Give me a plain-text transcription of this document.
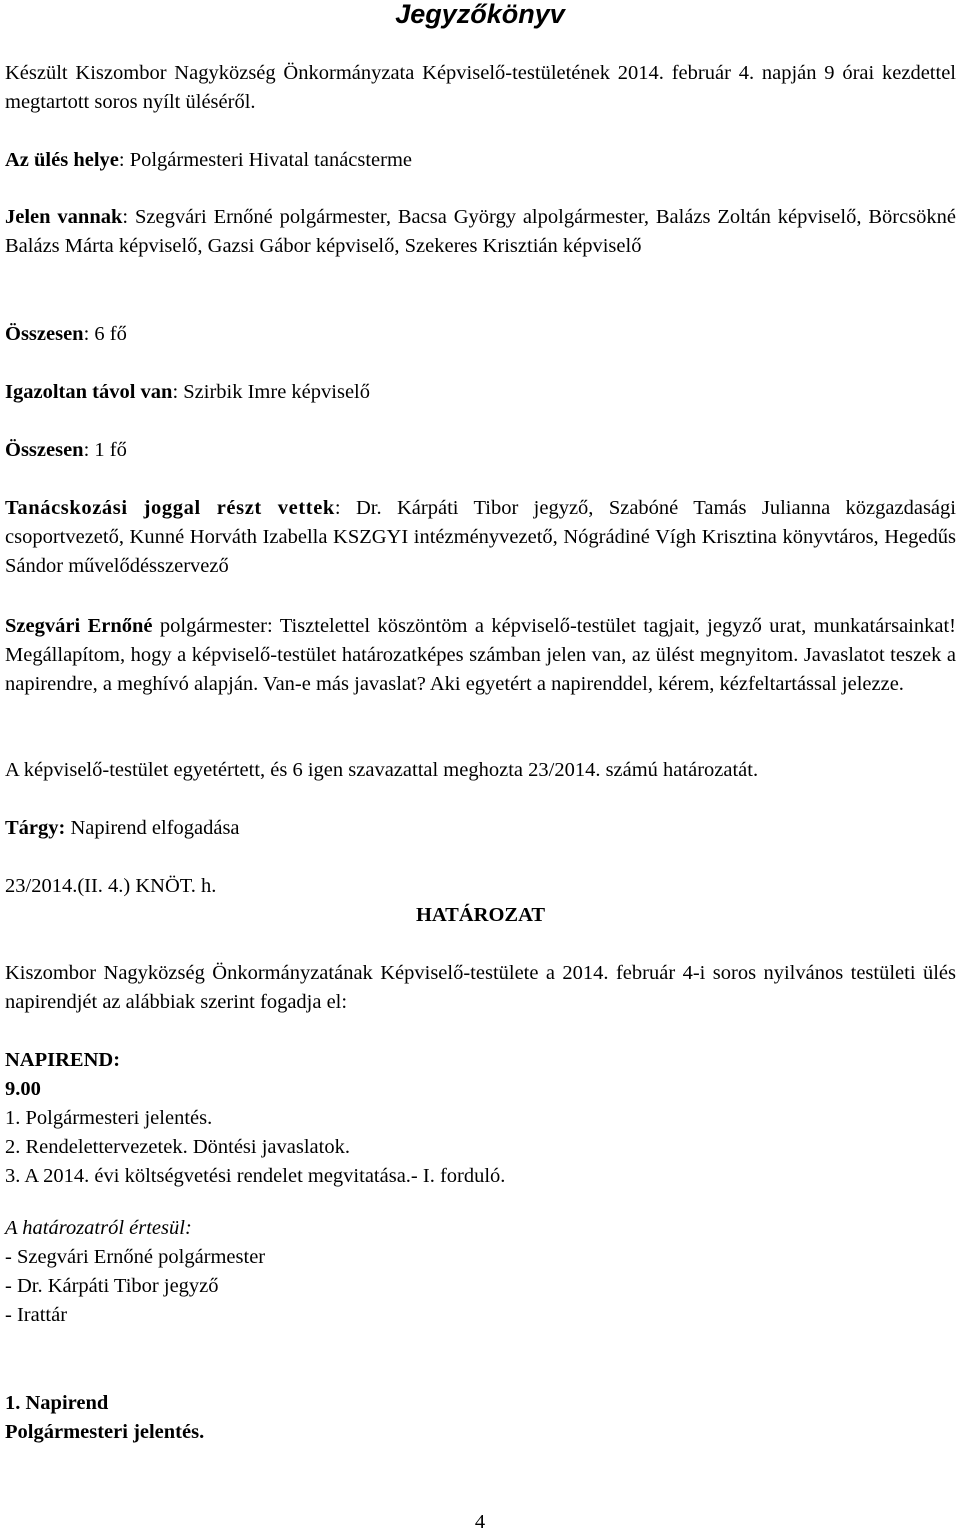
Jegyzőkönyv

Készült Kiszombor Nagyközség Önkormányzata Képviselő-testületének 2014. február 4. napján 9 órai kezdettel megtartott soros nyílt üléséről.

Az ülés helye: Polgármesteri Hivatal tanácsterme

Jelen vannak: Szegvári Ernőné polgármester, Bacsa György alpolgármester, Balázs Zoltán képviselő, Börcsökné Balázs Márta képviselő, Gazsi Gábor képviselő, Szekeres Krisztián képviselő

Összesen: 6 fő

Igazoltan távol van: Szirbik Imre képviselő

Összesen: 1 fő

Tanácskozási joggal részt vettek: Dr. Kárpáti Tibor jegyző, Szabóné Tamás Julianna közgazdasági csoportvezető, Kunné Horváth Izabella KSZGYI intézményvezető, Nógrádiné Vígh Krisztina könyvtáros, Hegedűs Sándor művelődésszervező

Szegvári Ernőné polgármester: Tisztelettel köszöntöm a képviselő-testület tagjait, jegyző urat, munkatársainkat! Megállapítom, hogy a képviselő-testület határozatképes számban jelen van, az ülést megnyitom. Javaslatot teszek a napirendre, a meghívó alapján. Van-e más javaslat? Aki egyetért a napirenddel, kérem, kézfeltartással jelezze.

A képviselő-testület egyetértett, és 6 igen szavazattal meghozta 23/2014. számú határozatát.

Tárgy: Napirend elfogadása

23/2014.(II. 4.) KNÖT. h.

HATÁROZAT

Kiszombor Nagyközség Önkormányzatának Képviselő-testülete a 2014. február 4-i soros nyilvános testületi ülés napirendjét az alábbiak szerint fogadja el:

NAPIREND:
9.00
1. Polgármesteri jelentés.
2. Rendelettervezetek. Döntési javaslatok.
3. A 2014. évi költségvetési rendelet megvitatása.- I. forduló.
A határozatról értesül:
- Szegvári Ernőné polgármester
- Dr. Kárpáti Tibor jegyző
- Irattár
1. Napirend
Polgármesteri jelentés.

4
